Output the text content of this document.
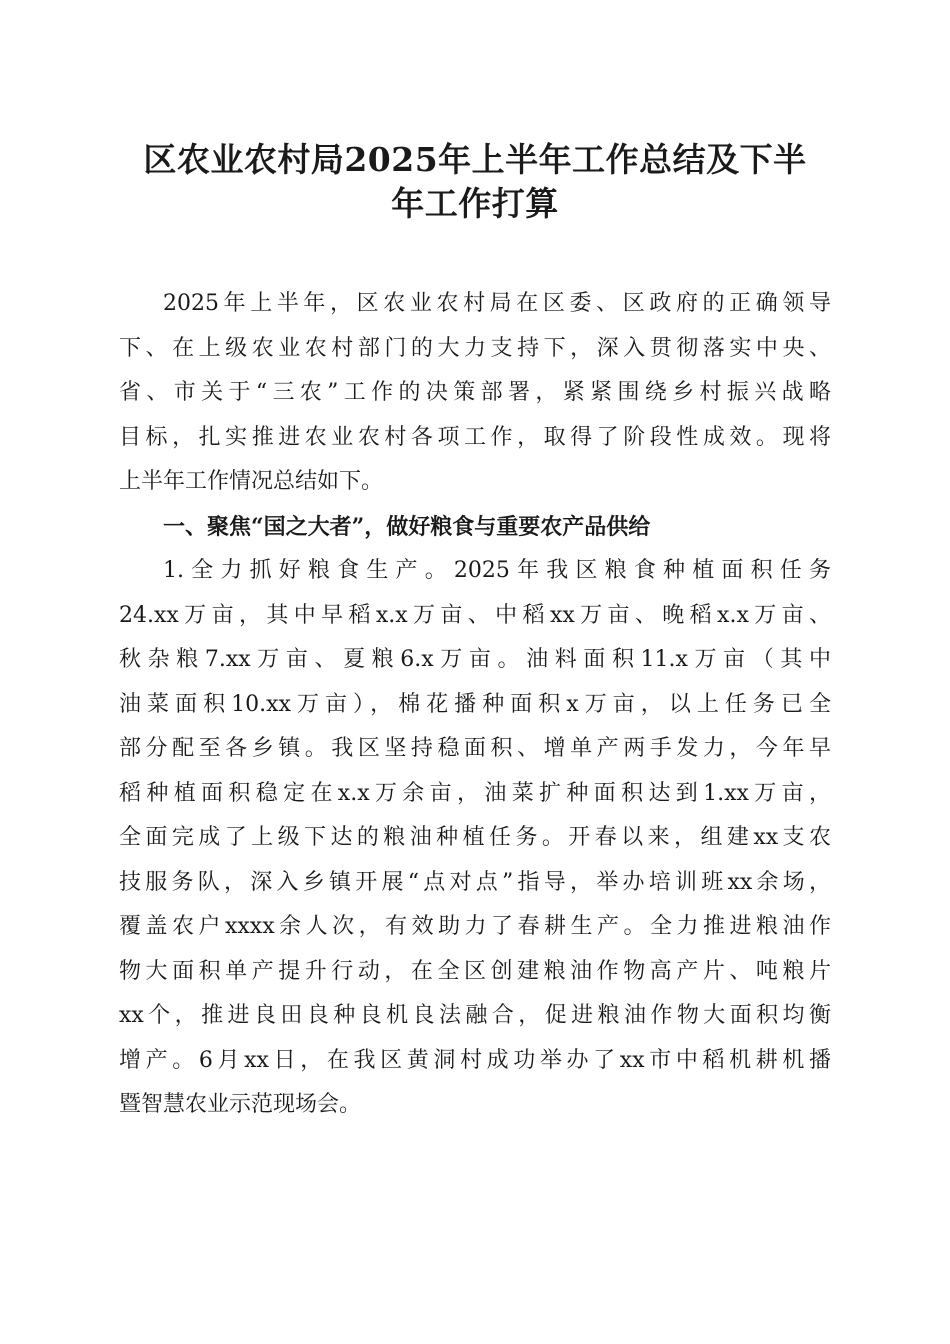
区农业农村局2025年上半年工作总结及下半
年工作打算

2025年上半年，区农业农村局在区委、区政府的正确领导
下、在上级农业农村部门的大力支持下，深入贯彻落实中央、
省、市关于“三农”工作的决策部署，紧紧围绕乡村振兴战略
目标，扎实推进农业农村各项工作，取得了阶段性成效。现将
上半年工作情况总结如下。

一、聚焦“国之大者”，做好粮食与重要农产品供给

1.全力抓好粮食生产。2025年我区粮食种植面积任务
24.xx万亩，其中早稻x.x万亩、中稻xx万亩、晚稻x.x万亩、
秋杂粮7.xx万亩、夏粮6.x万亩。油料面积11.x万亩（其中
油菜面积10.xx万亩），棉花播种面积x万亩，以上任务已全
部分配至各乡镇。我区坚持稳面积、增单产两手发力，今年早
稻种植面积稳定在x.x万余亩，油菜扩种面积达到1.xx万亩，
全面完成了上级下达的粮油种植任务。开春以来，组建xx支农
技服务队，深入乡镇开展“点对点”指导，举办培训班xx余场，
覆盖农户xxxx余人次，有效助力了春耕生产。全力推进粮油作
物大面积单产提升行动，在全区创建粮油作物高产片、吨粮片
xx个，推进良田良种良机良法融合，促进粮油作物大面积均衡
增产。6月xx日，在我区黄洞村成功举办了xx市中稻机耕机播
暨智慧农业示范现场会。
